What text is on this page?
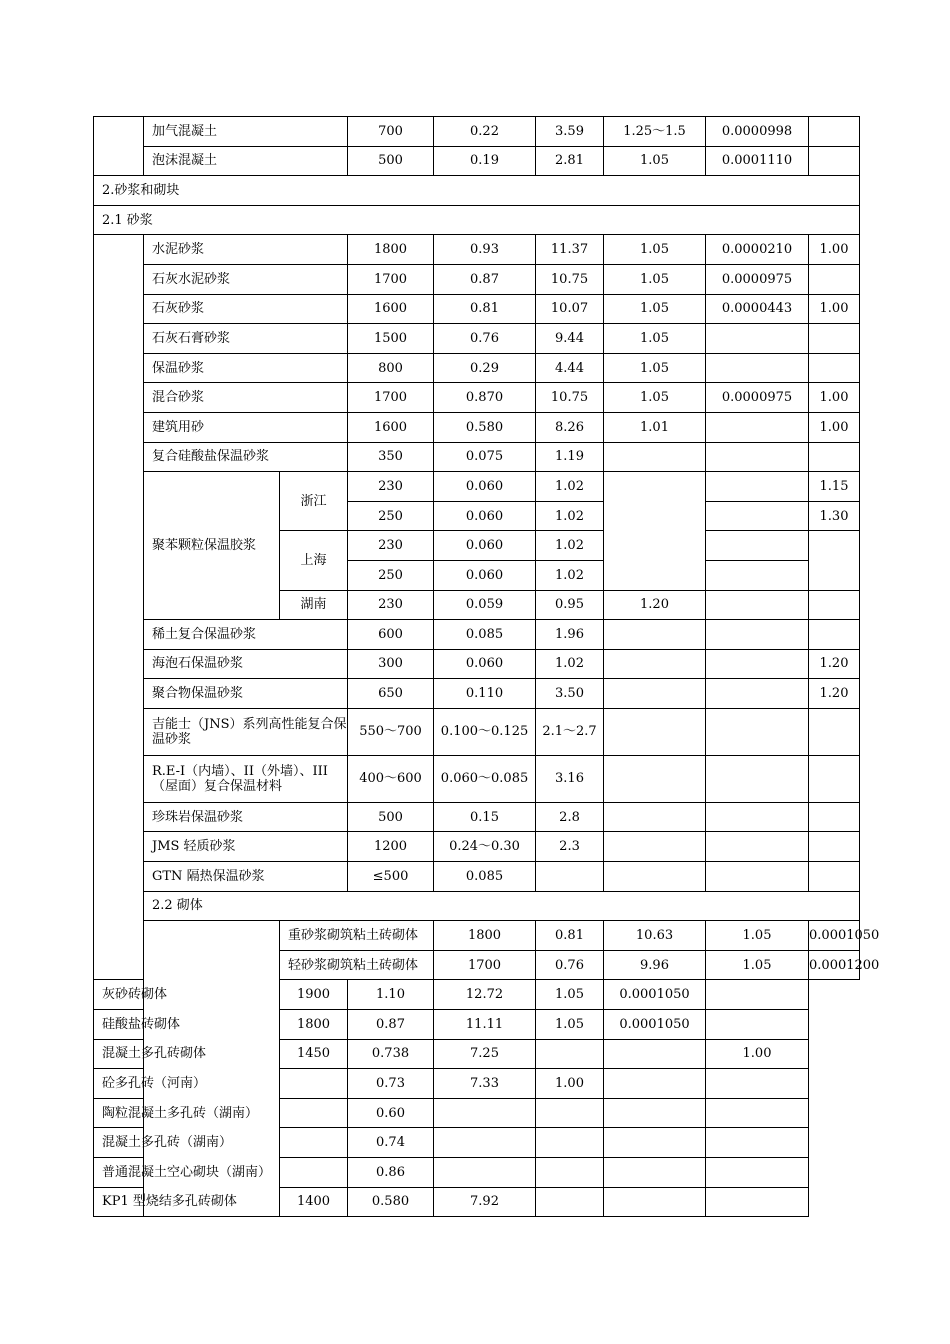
	加气混凝土		700	0.22	3.59	1.25～1.5	0.0000998		
	泡沫混凝土		500	0.19	2.81	1.05	0.0001110		
2.砂浆和砌块									
2.1 砂浆									
	水泥砂浆		1800	0.93	11.37	1.05	0.0000210	1.00	
	石灰水泥砂浆		1700	0.87	10.75	1.05	0.0000975		
	石灰砂浆		1600	0.81	10.07	1.05	0.0000443	1.00	
	石灰石膏砂浆		1500	0.76	9.44	1.05			
	保温砂浆		800	0.29	4.44	1.05			
	混合砂浆		1700	0.870	10.75	1.05	0.0000975	1.00	
	建筑用砂		1600	0.580	8.26	1.01		1.00	
	复合硅酸盐保温砂浆		350	0.075	1.19				
	聚苯颗粒保温胶浆	浙江	230	0.060	1.02			1.15	
			250	0.060	1.02			1.30	
		上海	230	0.060	1.02				
			250	0.060	1.02				
		湖南	230	0.059	0.95	1.20			
	稀土复合保温砂浆		600	0.085	1.96				
	海泡石保温砂浆		300	0.060	1.02			1.20	
	聚合物保温砂浆		650	0.110	3.50			1.20	
	吉能士（JNS）系列高性能复合保温砂浆		550～700	0.100～0.125	2.1～2.7				
	R.E-I（内墙）、II（外墙）、III（屋面）复合保温材料		400～600	0.060～0.085	3.16				
	珍珠岩保温砂浆		500	0.15	2.8				
	JMS 轻质砂浆		1200	0.24～0.30	2.3				
	GTN 隔热保温砂浆		≤500	0.085					
	2.2 砌体								
		重砂浆砌筑粘土砖砌体		1800	0.81	10.63	1.05	0.0001050	
		轻砂浆砌筑粘土砖砌体		1700	0.76	9.96	1.05	0.0001200	
灰砂砖砌体		1900	1.10	12.72	1.05	0.0001050			
硅酸盐砖砌体		1800	0.87	11.11	1.05	0.0001050			
混凝土多孔砖砌体		1450	0.738	7.25			1.00		
砼多孔砖（河南）			0.73	7.33	1.00				
陶粒混凝土多孔砖（湖南）			0.60						
混凝土多孔砖（湖南）			0.74						
普通混凝土空心砌块（湖南）			0.86						
KP1 型烧结多孔砖砌体		1400	0.580	7.92					
